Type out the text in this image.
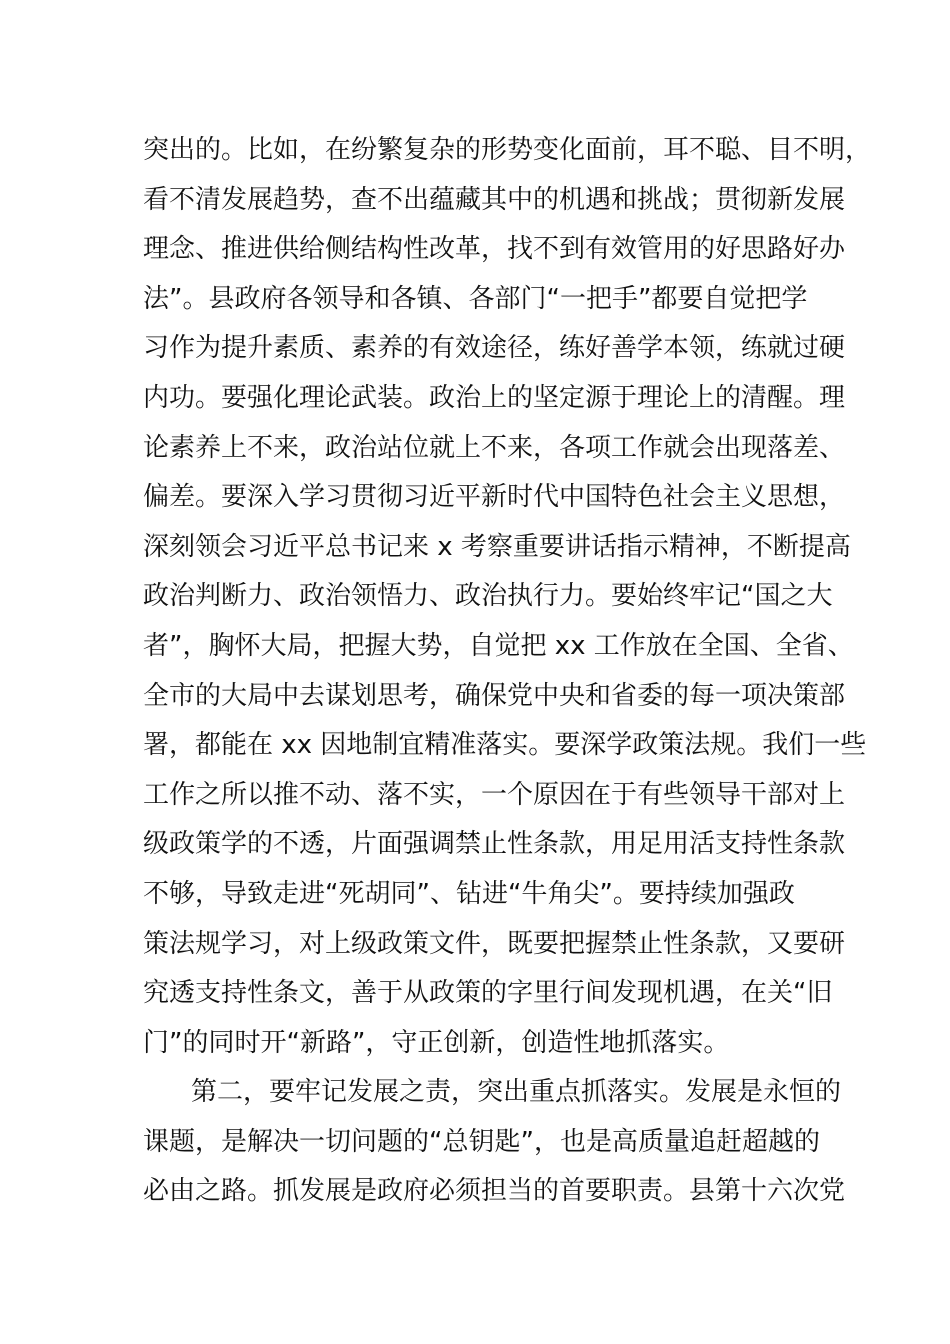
突出的。比如，在纷繁复杂的形势变化面前，耳不聪、目不明，
看不清发展趋势，查不出蕴藏其中的机遇和挑战；贯彻新发展
理念、推进供给侧结构性改革，找不到有效管用的好思路好办
法”。县政府各领导和各镇、各部门“一把手”都要自觉把学
习作为提升素质、素养的有效途径，练好善学本领，练就过硬
内功。要强化理论武装。政治上的坚定源于理论上的清醒。理
论素养上不来，政治站位就上不来，各项工作就会出现落差、
偏差。要深入学习贯彻习近平新时代中国特色社会主义思想，
深刻领会习近平总书记来 x 考察重要讲话指示精神，不断提高
政治判断力、政治领悟力、政治执行力。要始终牢记“国之大
者”，胸怀大局，把握大势，自觉把 xx 工作放在全国、全省、
全市的大局中去谋划思考，确保党中央和省委的每一项决策部
署，都能在 xx 因地制宜精准落实。要深学政策法规。我们一些
工作之所以推不动、落不实，一个原因在于有些领导干部对上
级政策学的不透，片面强调禁止性条款，用足用活支持性条款
不够，导致走进“死胡同”、钻进“牛角尖”。要持续加强政
策法规学习，对上级政策文件，既要把握禁止性条款，又要研
究透支持性条文，善于从政策的字里行间发现机遇，在关“旧
门”的同时开“新路”，守正创新，创造性地抓落实。
第二，要牢记发展之责，突出重点抓落实。发展是永恒的
课题，是解决一切问题的“总钥匙”，也是高质量追赶超越的
必由之路。抓发展是政府必须担当的首要职责。县第十六次党
